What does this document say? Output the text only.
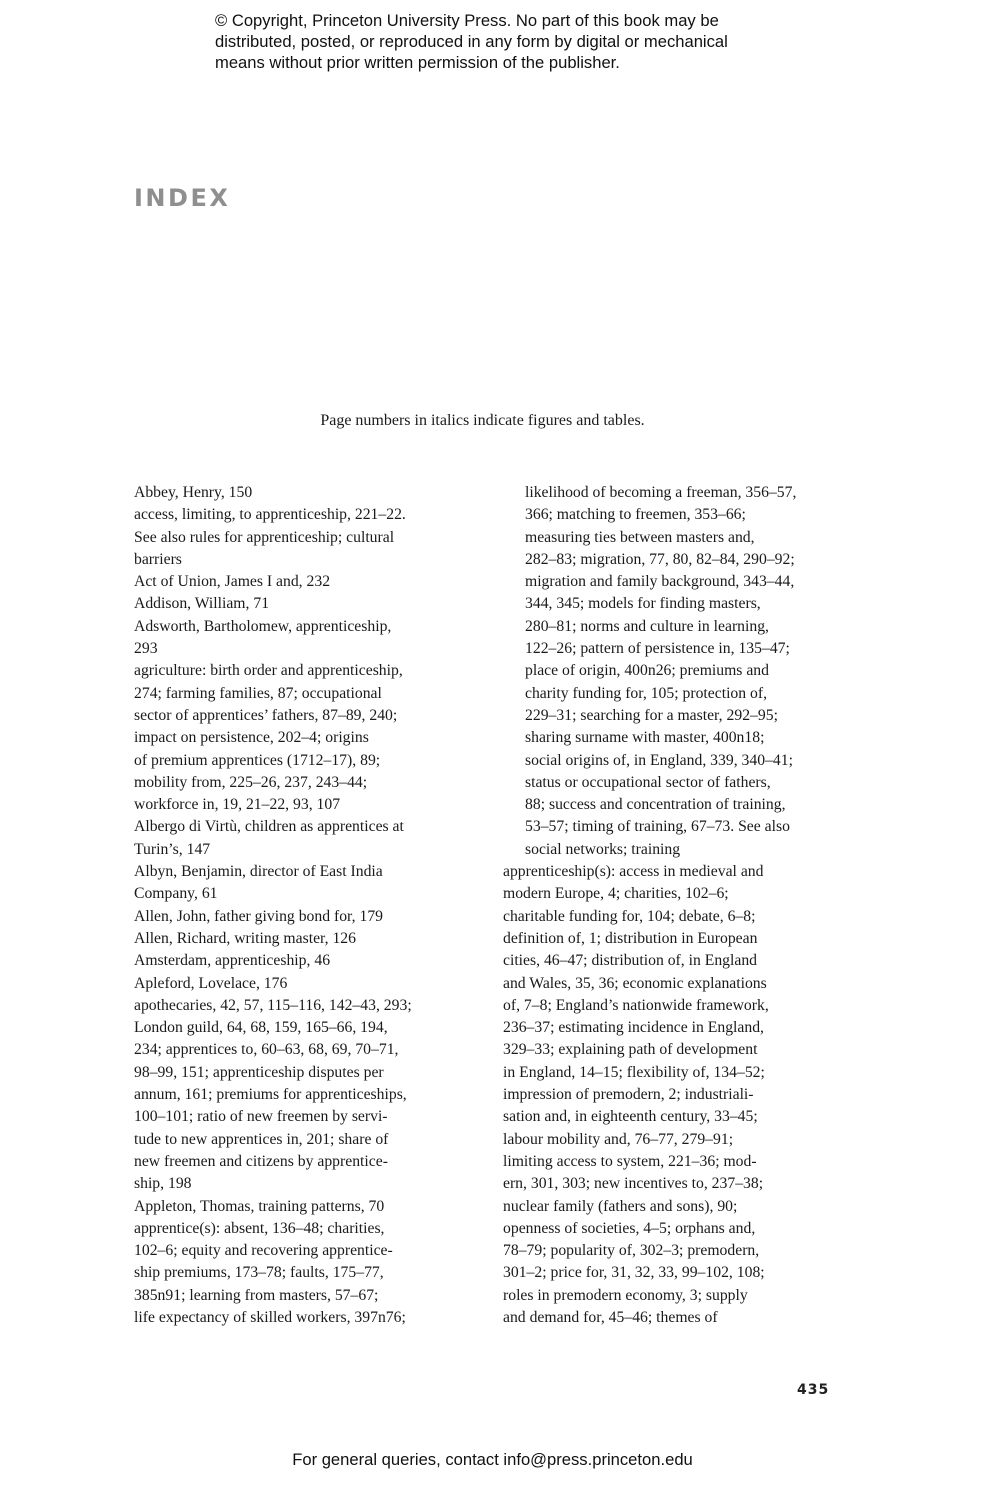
© Copyright, Princeton University Press. No part of this book may be

distributed, posted, or reproduced in any form by digital or mechanical

means without prior written permission of the publisher.

INDEX
Page numbers in italics indicate figures and tables.

Abbey, Henry, 150

access, limiting, to apprenticeship, 221–22.
See also rules for apprenticeship; cultural
barriers

Act of Union, James I and, 232

Addison, William, 71

Adsworth, Bartholomew, apprenticeship,
293

agriculture: birth order and apprenticeship,
274; farming families, 87; occupational
sector of apprentices’ fathers, 87–89, 240;
impact on persistence, 202–4; origins
of premium apprentices (1712–17), 89;
mobility from, 225–26, 237, 243–44;
workforce in, 19, 21–22, 93, 107

Albergo di Virtù, children as apprentices at
Turin’s, 147

Albyn, Benjamin, director of East India
Company, 61

Allen, John, father giving bond for, 179

Allen, Richard, writing master, 126

Amsterdam, apprenticeship, 46

Apleford, Lovelace, 176

apothecaries, 42, 57, 115–116, 142–43, 293;
London guild, 64, 68, 159, 165–66, 194,
234; apprentices to, 60–63, 68, 69, 70–71,
98–99, 151; apprenticeship disputes per
annum, 161; premiums for apprenticeships,
100–101; ratio of new freemen by servi-
tude to new apprentices in, 201; share of
new freemen and citizens by apprentice-
ship, 198

Appleton, Thomas, training patterns, 70

apprentice(s): absent, 136–48; charities,
102–6; equity and recovering apprentice-
ship premiums, 173–78; faults, 175–77,
385n91; learning from masters, 57–67;
life expectancy of skilled workers, 397n76;

likelihood of becoming a freeman, 356–57,
366; matching to freemen, 353–66;
measuring ties between masters and,
282–83; migration, 77, 80, 82–84, 290–92;
migration and family background, 343–44,
344, 345; models for finding masters,
280–81; norms and culture in learning,
122–26; pattern of persistence in, 135–47;
place of origin, 400n26; premiums and
charity funding for, 105; protection of,
229–31; searching for a master, 292–95;
sharing surname with master, 400n18;
social origins of, in England, 339, 340–41;
status or occupational sector of fathers,
88; success and concentration of training,
53–57; timing of training, 67–73. See also
social networks; training

apprenticeship(s): access in medieval and
modern Europe, 4; charities, 102–6;
charitable funding for, 104; debate, 6–8;
definition of, 1; distribution in European
cities, 46–47; distribution of, in England
and Wales, 35, 36; economic explanations
of, 7–8; England’s nationwide framework,
236–37; estimating incidence in England,
329–33; explaining path of development
in England, 14–15; flexibility of, 134–52;
impression of premodern, 2; industriali-
sation and, in eighteenth century, 33–45;
labour mobility and, 76–77, 279–91;
limiting access to system, 221–36; mod-
ern, 301, 303; new incentives to, 237–38;
nuclear family (fathers and sons), 90;
openness of societies, 4–5; orphans and,
78–79; popularity of, 302–3; premodern,
301–2; price for, 31, 32, 33, 99–102, 108;
roles in premodern economy, 3; supply
and demand for, 45–46; themes of

435
For general queries, contact info@press.princeton.edu
